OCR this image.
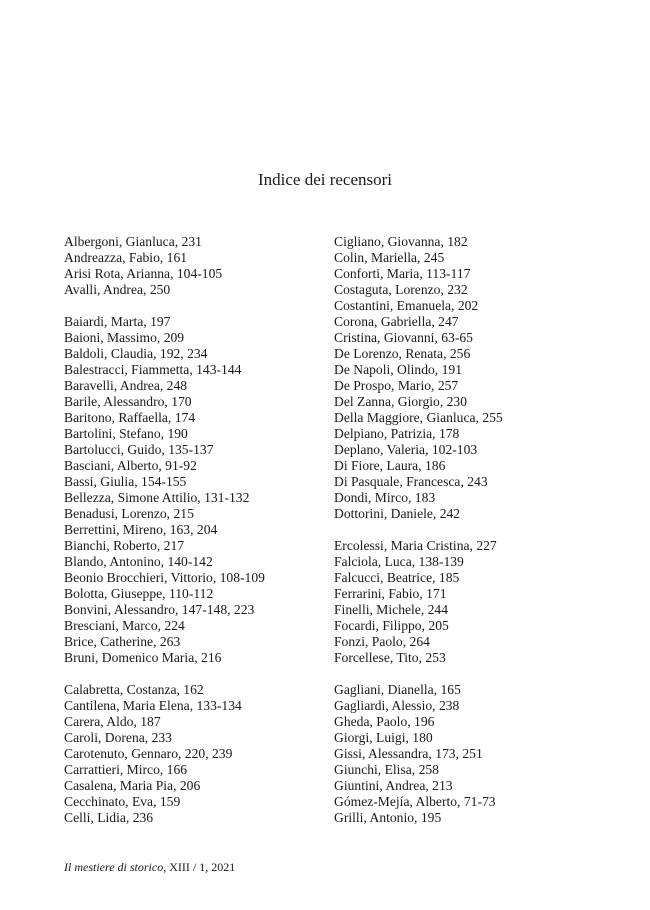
Indice dei recensori
Albergoni, Gianluca, 231
Andreazza, Fabio, 161
Arisi Rota, Arianna, 104-105
Avalli, Andrea, 250
Baiardi, Marta, 197
Baioni, Massimo, 209
Baldoli, Claudia, 192, 234
Balestracci, Fiammetta, 143-144
Baravelli, Andrea, 248
Barile, Alessandro, 170
Baritono, Raffaella, 174
Bartolini, Stefano, 190
Bartolucci, Guido, 135-137
Basciani, Alberto, 91-92
Bassi, Giulia, 154-155
Bellezza, Simone Attilio, 131-132
Benadusi, Lorenzo, 215
Berrettini, Mireno, 163, 204
Bianchi, Roberto, 217
Blando, Antonino, 140-142
Beonio Brocchieri, Vittorio, 108-109
Bolotta, Giuseppe, 110-112
Bonvini, Alessandro, 147-148, 223
Bresciani, Marco, 224
Brice, Catherine, 263
Bruni, Domenico Maria, 216
Calabretta, Costanza, 162
Cantilena, Maria Elena, 133-134
Carera, Aldo, 187
Caroli, Dorena, 233
Carotenuto, Gennaro, 220, 239
Carrattieri, Mirco, 166
Casalena, Maria Pia, 206
Cecchinato, Eva, 159
Celli, Lidia, 236
Cigliano, Giovanna, 182
Colin, Mariella, 245
Conforti, Maria, 113-117
Costaguta, Lorenzo, 232
Costantini, Emanuela, 202
Corona, Gabriella, 247
Cristina, Giovanni, 63-65
De Lorenzo, Renata, 256
De Napoli, Olindo, 191
De Prospo, Mario, 257
Del Zanna, Giorgio, 230
Della Maggiore, Gianluca, 255
Delpiano, Patrizia, 178
Deplano, Valeria, 102-103
Di Fiore, Laura, 186
Di Pasquale, Francesca, 243
Dondi, Mirco, 183
Dottorini, Daniele, 242
Ercolessi, Maria Cristina, 227
Falciola, Luca, 138-139
Falcucci, Beatrice, 185
Ferrarini, Fabio, 171
Finelli, Michele, 244
Focardi, Filippo, 205
Fonzi, Paolo, 264
Forcellese, Tito, 253
Gagliani, Dianella, 165
Gagliardi, Alessio, 238
Gheda, Paolo, 196
Giorgi, Luigi, 180
Gissi, Alessandra, 173, 251
Giunchi, Elisa, 258
Giuntini, Andrea, 213
Gómez-Mejía, Alberto, 71-73
Grilli, Antonio, 195
Il mestiere di storico, XIII / 1, 2021
